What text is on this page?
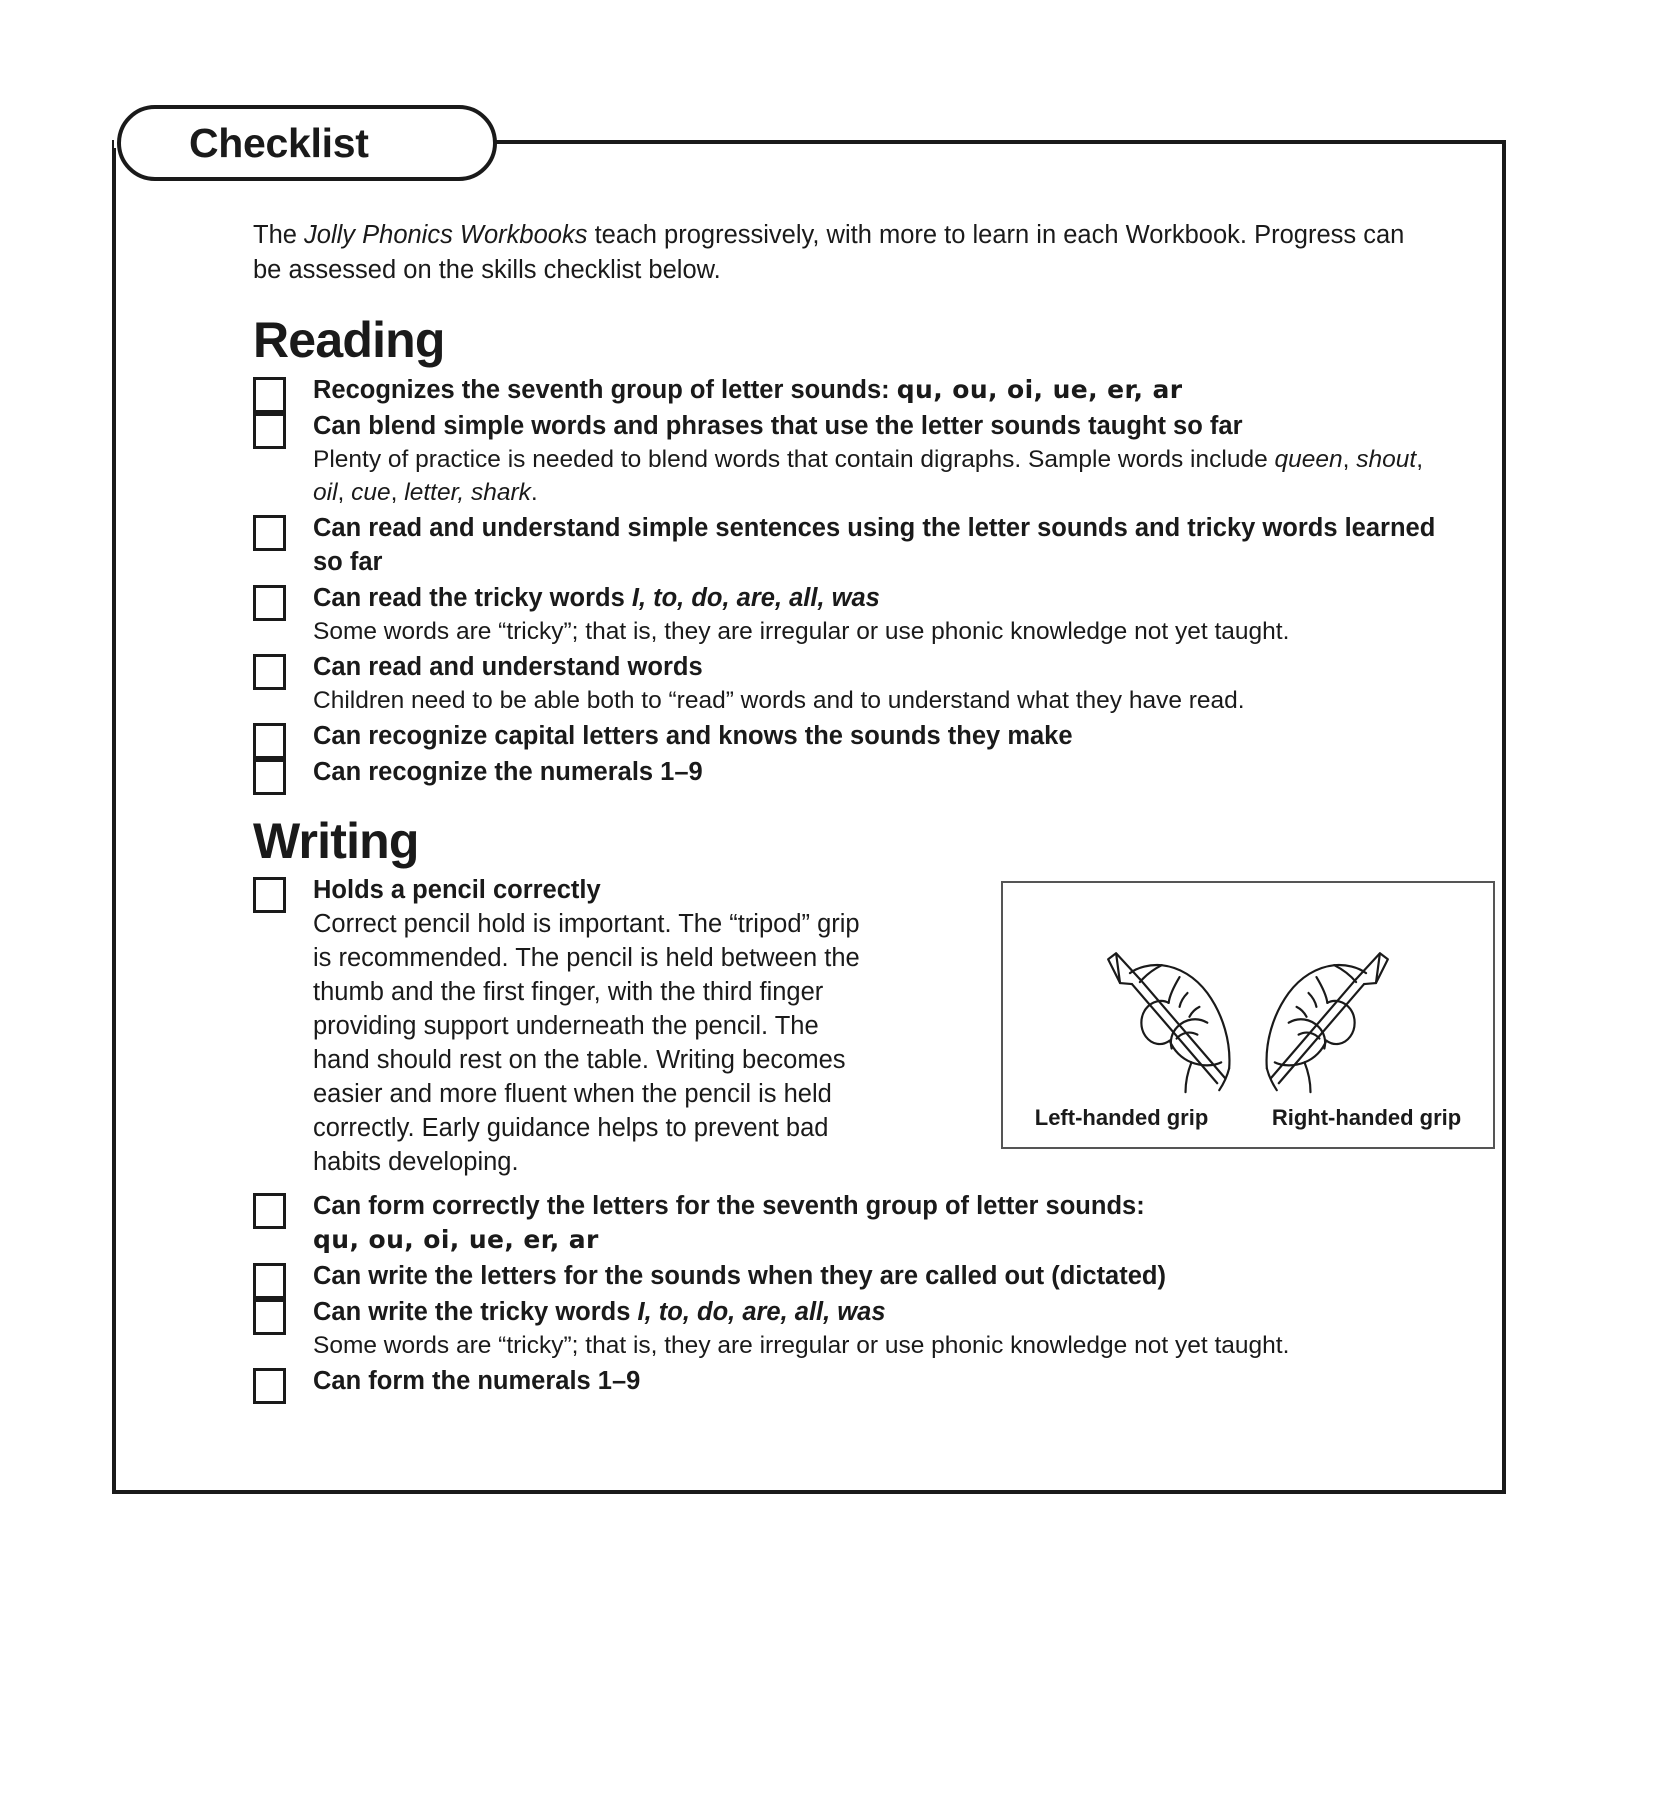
Checklist
The Jolly Phonics Workbooks teach progressively, with more to learn in each Workbook. Progress can be assessed on the skills checklist below.
Reading
Recognizes the seventh group of letter sounds: qu, ou, oi, ue, er, ar
Can blend simple words and phrases that use the letter sounds taught so far
Plenty of practice is needed to blend words that contain digraphs. Sample words include queen, shout, oil, cue, letter, shark.
Can read and understand simple sentences using the letter sounds and tricky words learned so far
Can read the tricky words I, to, do, are, all, was
Some words are “tricky”; that is, they are irregular or use phonic knowledge not yet taught.
Can read and understand words
Children need to be able both to “read” words and to understand what they have read.
Can recognize capital letters and knows the sounds they make
Can recognize the numerals 1–9
Writing
Holds a pencil correctly
Correct pencil hold is important. The “tripod” grip is recommended. The pencil is held between the thumb and the first finger, with the third finger providing support underneath the pencil. The hand should rest on the table. Writing becomes easier and more fluent when the pencil is held correctly. Early guidance helps to prevent bad habits developing.
Left-handed grip	Right-handed grip
Can form correctly the letters for the seventh group of letter sounds:
qu, ou, oi, ue, er, ar
Can write the letters for the sounds when they are called out (dictated)
Can write the tricky words I, to, do, are, all, was
Some words are “tricky”; that is, they are irregular or use phonic knowledge not yet taught.
Can form the numerals 1–9
